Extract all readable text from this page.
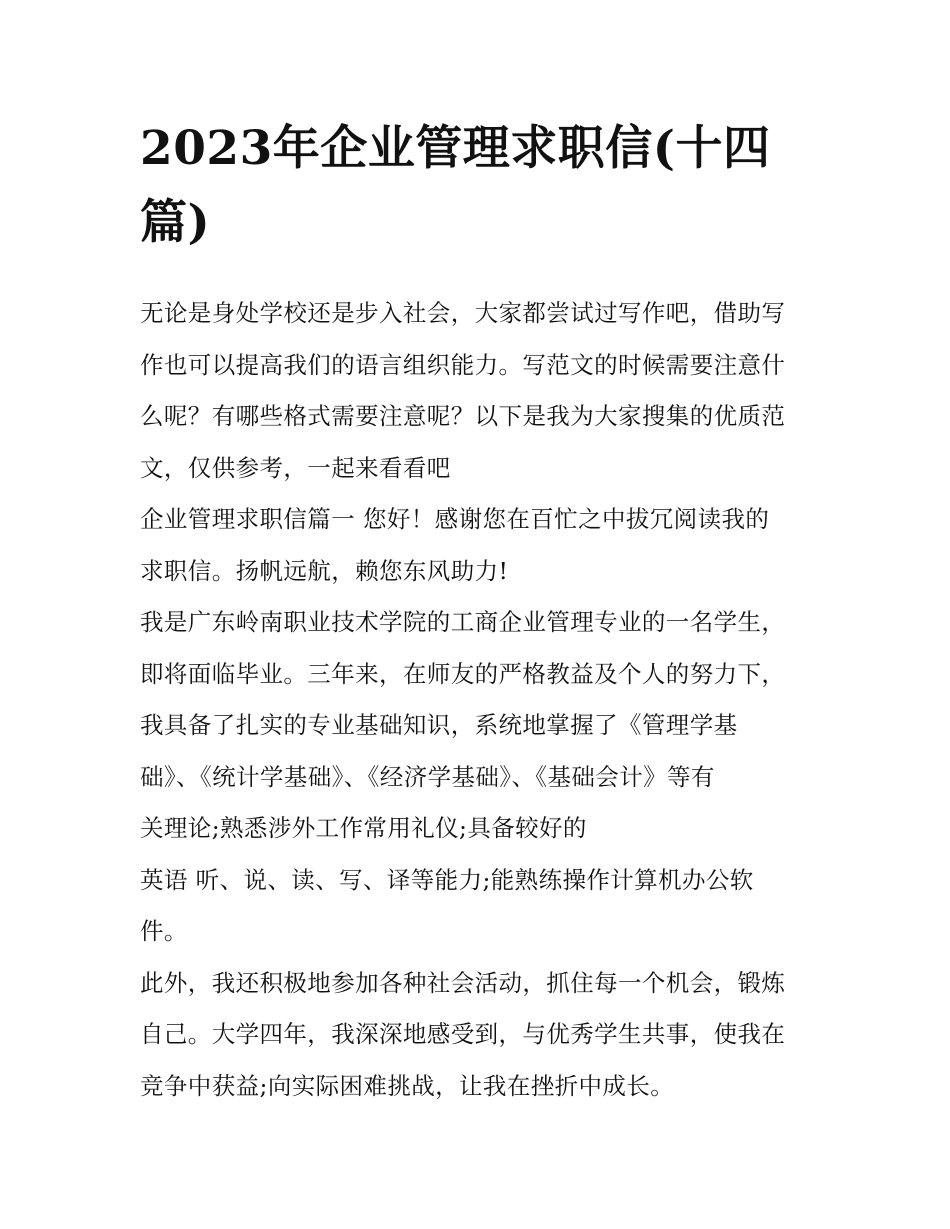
2023年企业管理求职信(十四
篇)

无论是身处学校还是步入社会，大家都尝试过写作吧，借助写
作也可以提高我们的语言组织能力。写范文的时候需要注意什
么呢？有哪些格式需要注意呢？以下是我为大家搜集的优质范
文，仅供参考，一起来看看吧

企业管理求职信篇一 您好！感谢您在百忙之中拔冗阅读我的
求职信。扬帆远航，赖您东风助力!

我是广东岭南职业技术学院的工商企业管理专业的一名学生，
即将面临毕业。三年来，在师友的严格教益及个人的努力下，
我具备了扎实的专业基础知识，系统地掌握了《管理学基
础》、《统计学基础》、《经济学基础》、《基础会计》等有
关理论;熟悉涉外工作常用礼仪;具备较好的

英语 听、说、读、写、译等能力;能熟练操作计算机办公软
件。

此外，我还积极地参加各种社会活动，抓住每一个机会，锻炼
自己。大学四年，我深深地感受到，与优秀学生共事，使我在
竞争中获益;向实际困难挑战，让我在挫折中成长。
